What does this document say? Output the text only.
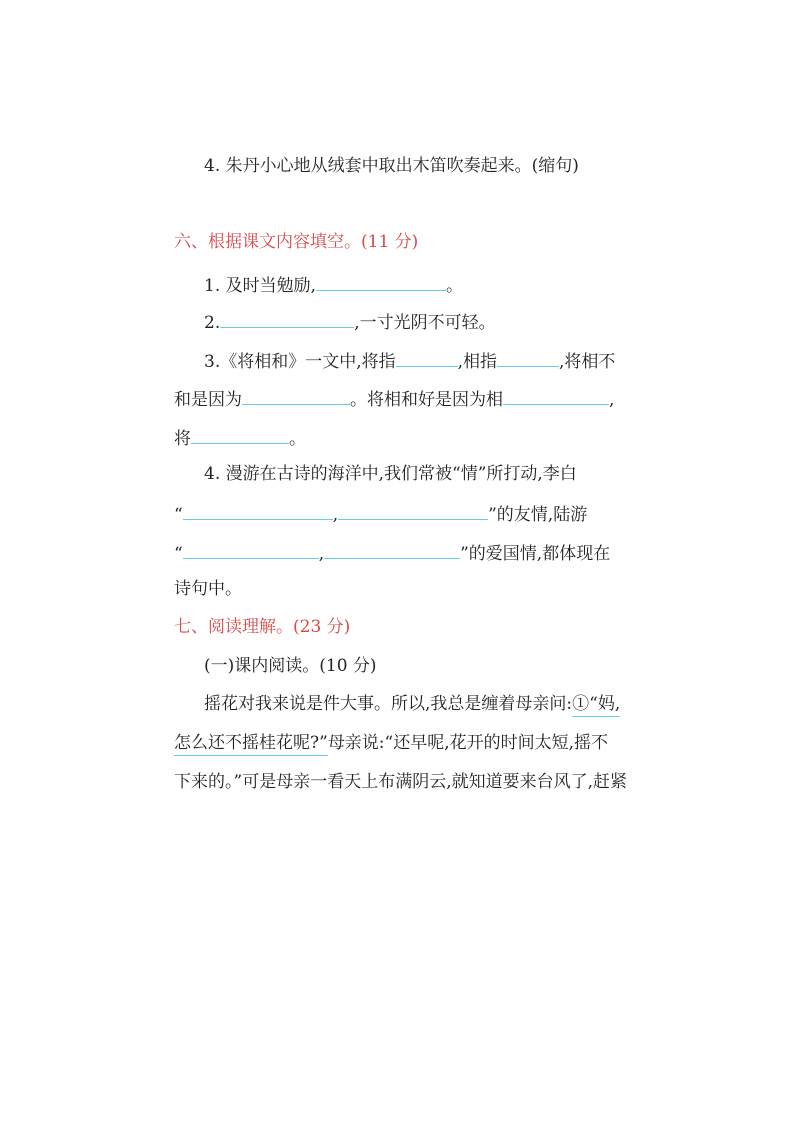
4. 朱丹小心地从绒套中取出木笛吹奏起来。(缩句)
六、根据课文内容填空。(11 分)
1. 及时当勉励,	。
2.	,一寸光阴不可轻。
3.《将相和》一文中,将指	,相指	,将相不
和是因为	。将相和好是因为相	,
将	。
4. 漫游在古诗的海洋中,我们常被“情”所打动,李白
“	,	”的友情,陆游
“	,	”的爱国情,都体现在
诗句中。
七、阅读理解。(23 分)
(一)课内阅读。(10 分)
摇花对我来说是件大事。所以,我总是缠着母亲问:①“妈,
怎么还不摇桂花呢?”母亲说:“还早呢,花开的时间太短,摇不
下来的。”可是母亲一看天上布满阴云,就知道要来台风了,赶紧
